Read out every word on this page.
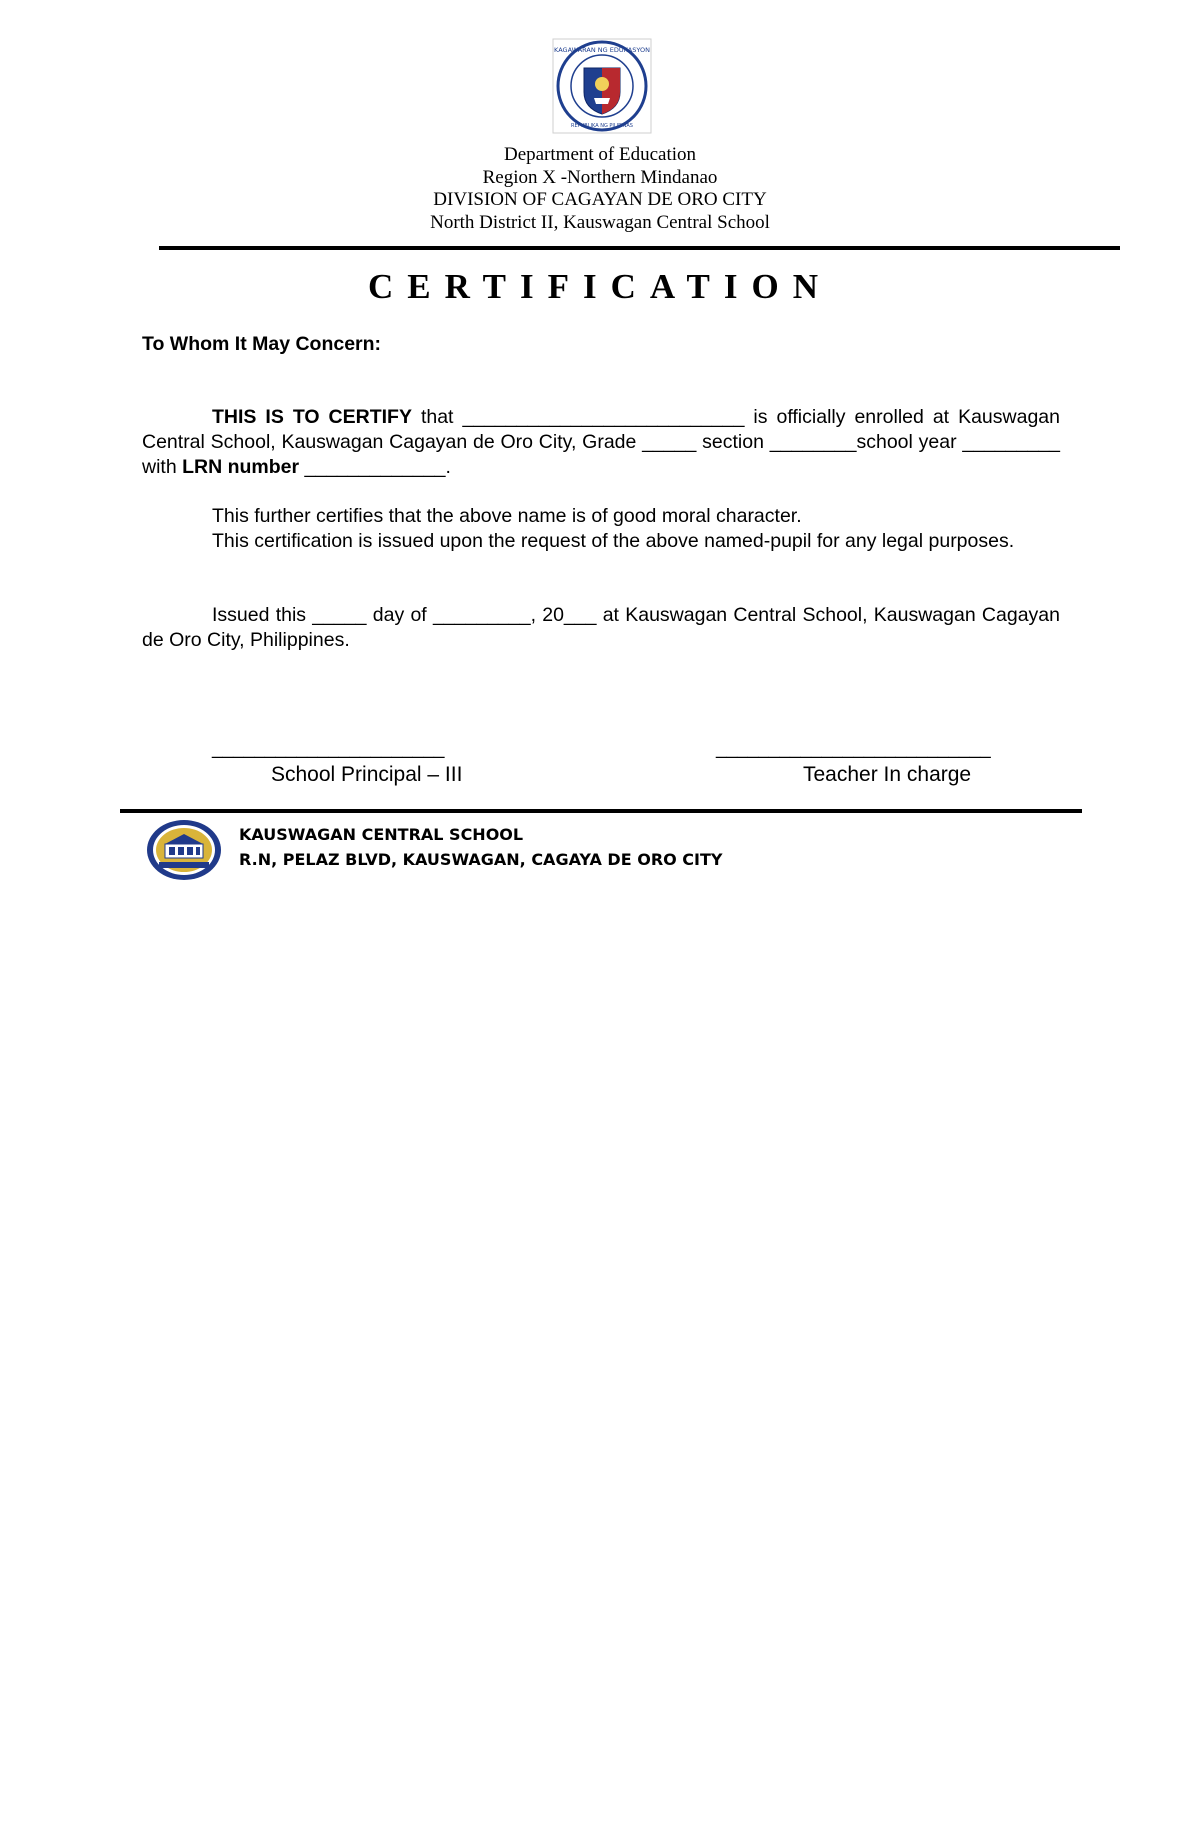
KAGAWARAN NG EDUKASYON
REPUBLIKA NG PILIPINAS
Department of Education
Region X -Northern Mindanao
DIVISION OF CAGAYAN DE ORO CITY
North District II, Kauswagan Central School
CERTIFICATION
To Whom It May Concern:
THIS IS TO CERTIFY that __________________________ is officially enrolled at Kauswagan Central School, Kauswagan Cagayan de Oro City, Grade _____ section ________school year _________ with LRN number _____________.
This further certifies that the above name is of good moral character.
This certification is issued upon the request of the above named-pupil for any legal purposes.
Issued this _____ day of _________, 20___ at Kauswagan Central School, Kauswagan Cagayan de Oro City, Philippines.
______________________
School Principal – III
__________________________
Teacher In charge
KAUSWAGAN CENTRAL SCHOOL
R.N, PELAZ BLVD, KAUSWAGAN, CAGAYA DE ORO CITY
